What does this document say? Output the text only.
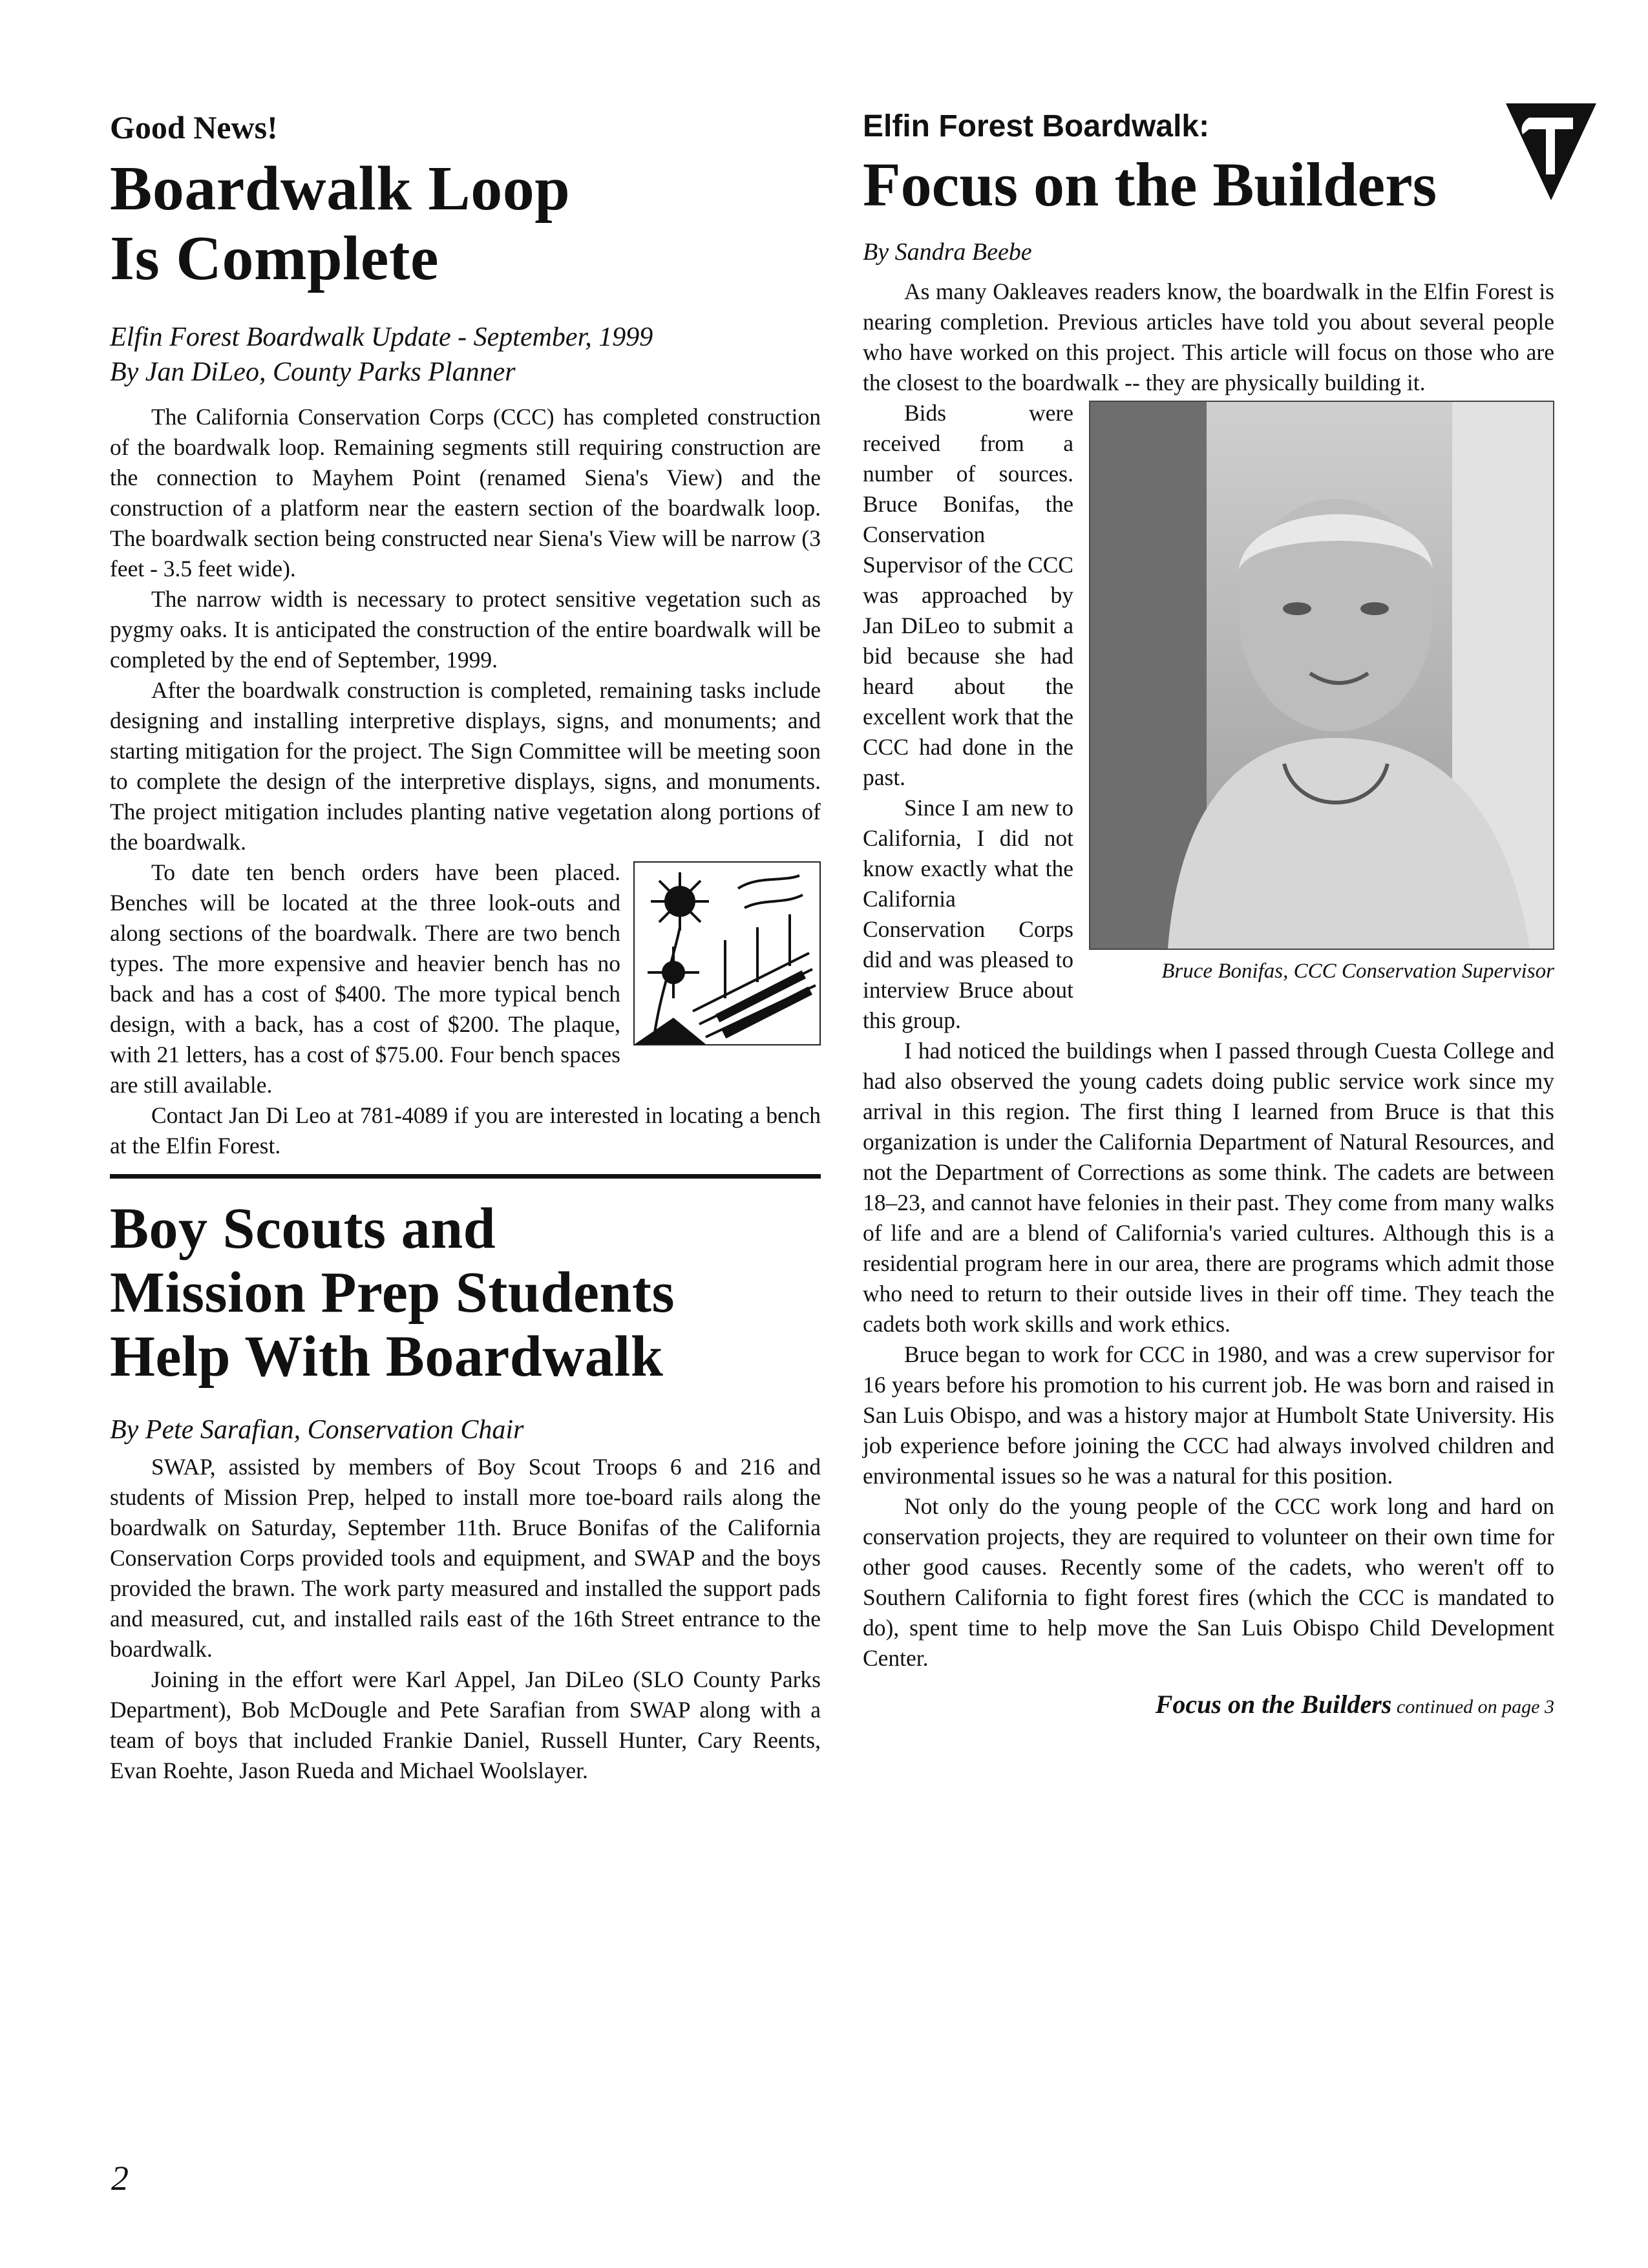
Good News!

Boardwalk Loop
Is Complete

Elfin Forest Boardwalk Update - September, 1999

By Jan DiLeo, County Parks Planner

The California Conservation Corps (CCC) has completed construction of the boardwalk loop. Remaining segments still requiring construction are the connection to Mayhem Point (renamed Siena's View) and the construction of a platform near the eastern section of the boardwalk loop. The boardwalk section being constructed near Siena's View will be narrow (3 feet - 3.5 feet wide).

The narrow width is necessary to protect sensitive vegetation such as pygmy oaks. It is anticipated the construction of the entire boardwalk will be completed by the end of September, 1999.

After the boardwalk construction is completed, remaining tasks include designing and installing interpretive displays, signs, and monuments; and starting mitigation for the project. The Sign Committee will be meeting soon to complete the design of the interpretive displays, signs, and monuments. The project mitigation includes planting native vegetation along portions of the boardwalk.

To date ten bench orders have been placed. Benches will be located at the three look-outs and along sections of the boardwalk. There are two bench types. The more expensive and heavier bench has no back and has a cost of $400. The more typical bench design, with a back, has a cost of $200. The plaque, with 21 letters, has a cost of $75.00. Four bench spaces are still available.

Contact Jan Di Leo at 781-4089 if you are interested in locating a bench at the Elfin Forest.

Boy Scouts and
Mission Prep Students
Help With Boardwalk

By Pete Sarafian, Conservation Chair

SWAP, assisted by members of Boy Scout Troops 6 and 216 and students of Mission Prep, helped to install more toe-board rails along the boardwalk on Saturday, September 11th. Bruce Bonifas of the California Conservation Corps provided tools and equipment, and SWAP and the boys provided the brawn. The work party measured and installed the support pads and measured, cut, and installed rails east of the 16th Street entrance to the boardwalk.

Joining in the effort were Karl Appel, Jan DiLeo (SLO County Parks Department), Bob McDougle and Pete Sarafian from SWAP along with a team of boys that included Frankie Daniel, Russell Hunter, Cary Reents, Evan Roehte, Jason Rueda and Michael Woolslayer.

Elfin Forest Boardwalk:

Focus on the Builders

By Sandra Beebe

As many Oakleaves readers know, the boardwalk in the Elfin Forest is nearing completion. Previous articles have told you about several people who have worked on this project. This article will focus on those who are the closest to the boardwalk -- they are physically building it.

Bruce Bonifas, CCC Conservation Supervisor

Bids were received from a number of sources. Bruce Bonifas, the Conservation Supervisor of the CCC was approached by Jan DiLeo to submit a bid because she had heard about the excellent work that the CCC had done in the past.

Since I am new to California, I did not know exactly what the California Conservation Corps did and was pleased to interview Bruce about this group.

I had noticed the buildings when I passed through Cuesta College and had also observed the young cadets doing public service work since my arrival in this region. The first thing I learned from Bruce is that this organization is under the California Department of Natural Resources, and not the Department of Corrections as some think. The cadets are between 18–23, and cannot have felonies in their past. They come from many walks of life and are a blend of California's varied cultures. Although this is a residential program here in our area, there are programs which admit those who need to return to their outside lives in their off time. They teach the cadets both work skills and work ethics.

Bruce began to work for CCC in 1980, and was a crew supervisor for 16 years before his promotion to his current job. He was born and raised in San Luis Obispo, and was a history major at Humbolt State University. His job experience before joining the CCC had always involved children and environmental issues so he was a natural for this position.

Not only do the young people of the CCC work long and hard on conservation projects, they are required to volunteer on their own time for other good causes. Recently some of the cadets, who weren't off to Southern California to fight forest fires (which the CCC is mandated to do), spent time to help move the San Luis Obispo Child Development Center.

Focus on the Builders continued on page 3
2
